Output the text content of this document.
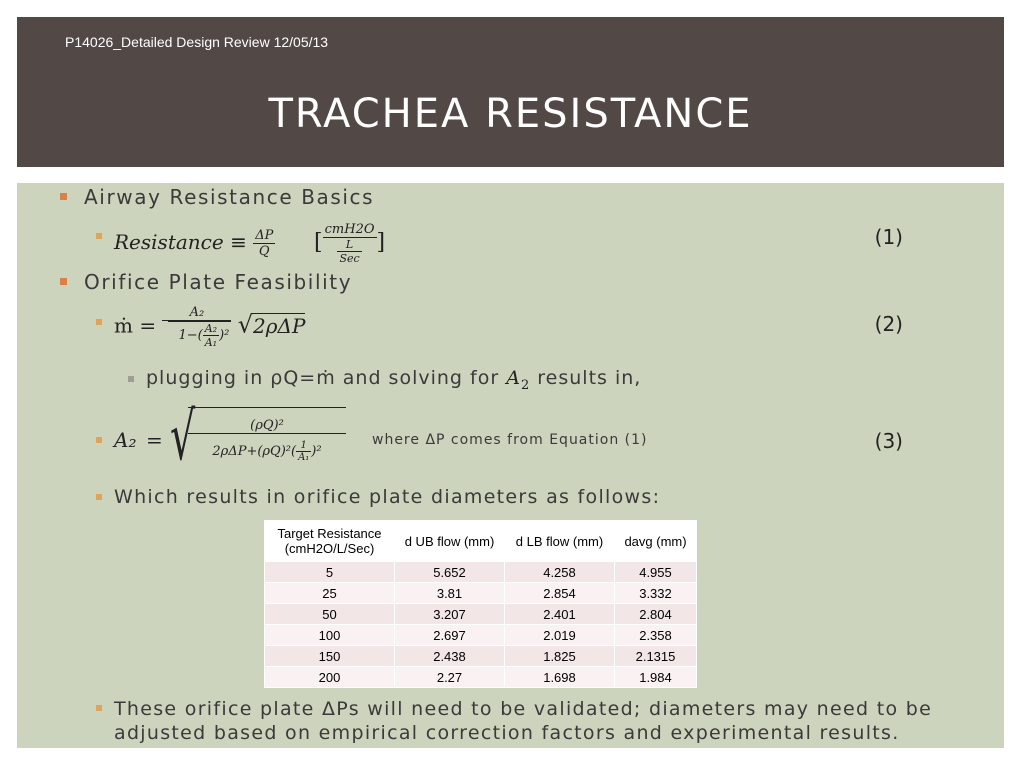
P14026_Detailed Design Review 12/05/13
TRACHEA RESISTANCE
Airway Resistance Basics
Resistance ≡ $\frac{\Delta P}{Q}$ [ $\frac{\text{cmH2O}}{\frac{L}{\text{Sec}}}$ ]	(1)
Orifice Plate Feasibility
ṁ = $\frac{\text{A₂}}{1-( \frac{\text{A₂}}{\text{A₁}} )^2} √2\rho\Delta P$	(2)
plugging in ρQ=ṁ and solving for $A_2$ results in,
A₂ = √	(ρQ)²
$2\rho\Delta P+(\rho Q)^2( \frac{1}{\text{A₁}} )^2$
where ΔP comes from Equation (1)	(3)
Which results in orifice plate diameters as follows:
Target Resistance (cmH2O/L/Sec)	d UB flow (mm)	d LB flow (mm)	davg (mm)
5	5.652	4.258	4.955
25	3.81	2.854	3.332
50	3.207	2.401	2.804
100	2.697	2.019	2.358
150	2.438	1.825	2.1315
200	2.27	1.698	1.984
These orifice plate ΔPs will need to be validated; diameters may need to be adjusted based on empirical correction factors and experimental results.
